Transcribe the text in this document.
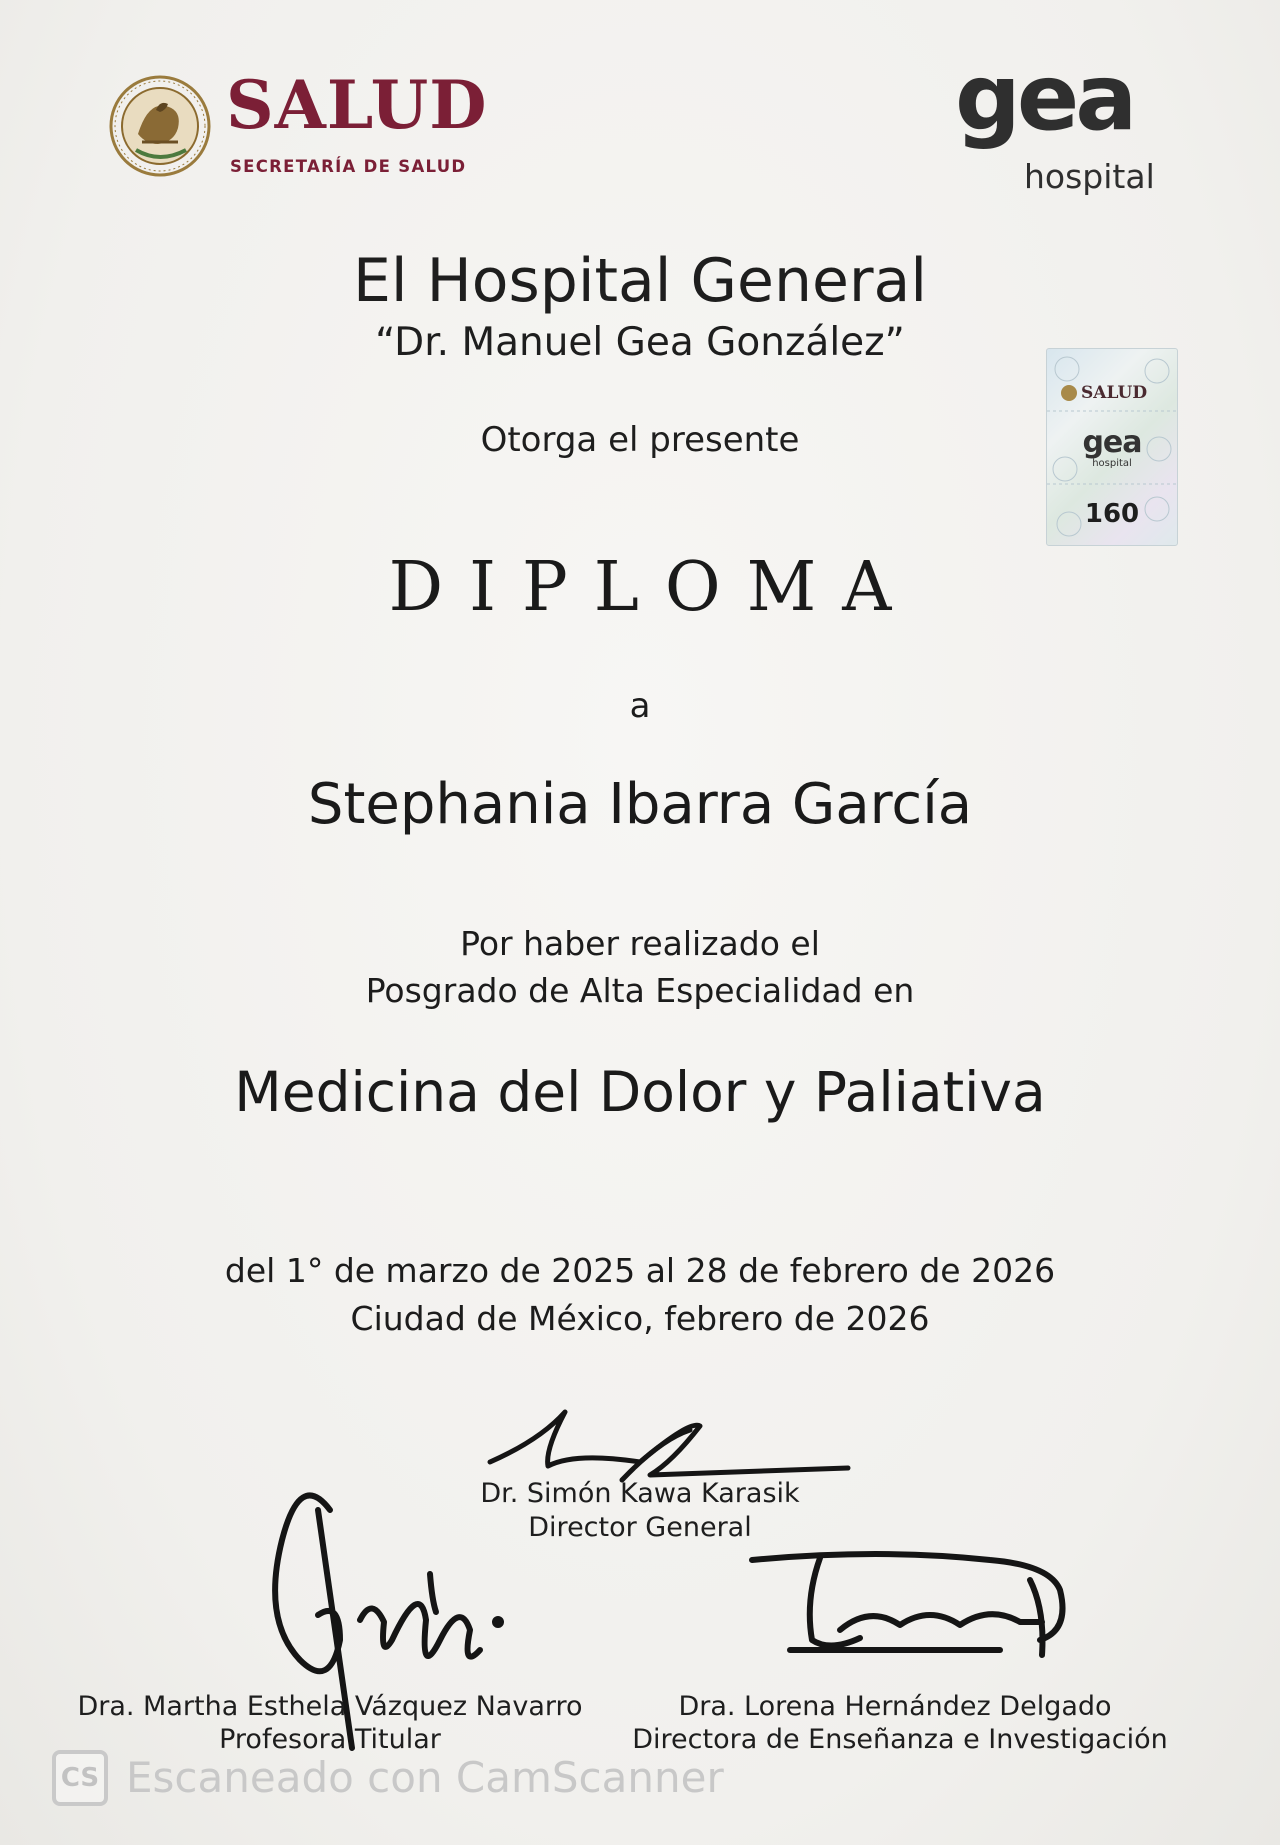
SALUD
SECRETARÍA DE SALUD
gea
hospital
SALUD
gea
hospital
160
El Hospital General
“Dr. Manuel Gea González”
Otorga el presente
DIPLOMA
a
Stephania Ibarra García
Por haber realizado el
Posgrado de Alta Especialidad en
Medicina del Dolor y Paliativa
del 1° de marzo de 2025 al 28 de febrero de 2026
Ciudad de México, febrero de 2026
Dr. Simón Kawa Karasik
Director General
Dra. Martha Esthela Vázquez Navarro
Profesora Titular
Dra. Lorena Hernández Delgado
Directora de Enseñanza e Investigación
CS Escaneado con CamScanner
